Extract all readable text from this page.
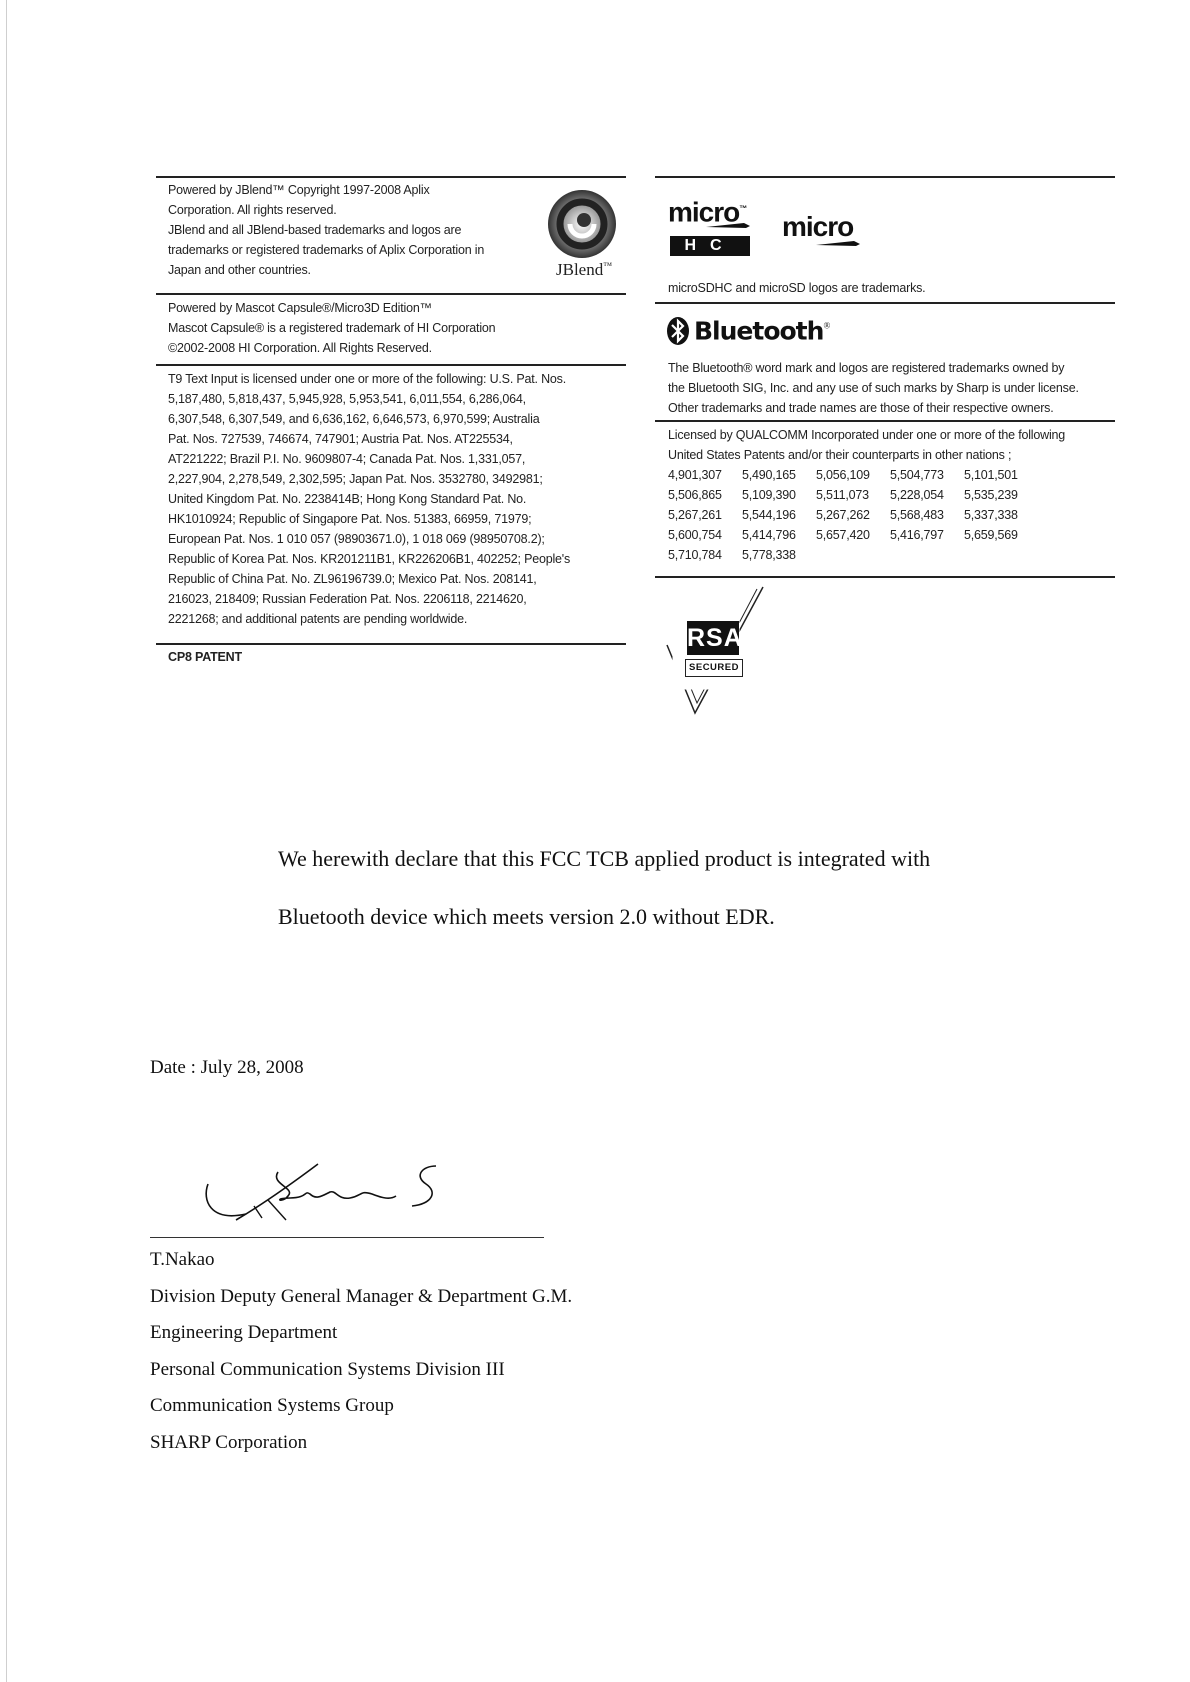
Powered by JBlend™ Copyright 1997-2008 Aplix
Corporation. All rights reserved.
JBlend and all JBlend-based trademarks and logos are
trademarks or registered trademarks of Aplix Corporation in
Japan and other countries.	JBlend™
Powered by Mascot Capsule®/Micro3D Edition™
Mascot Capsule® is a registered trademark of HI Corporation
©2002-2008 HI Corporation. All Rights Reserved.
T9 Text Input is licensed under one or more of the following: U.S. Pat. Nos.
5,187,480, 5,818,437, 5,945,928, 5,953,541, 6,011,554, 6,286,064,
6,307,548, 6,307,549, and 6,636,162, 6,646,573, 6,970,599; Australia
Pat. Nos. 727539, 746674, 747901; Austria Pat. Nos. AT225534,
AT221222; Brazil P.I. No. 9609807-4; Canada Pat. Nos. 1,331,057,
2,227,904, 2,278,549, 2,302,595; Japan Pat. Nos. 3532780, 3492981;
United Kingdom Pat. No. 2238414B; Hong Kong Standard Pat. No.
HK1010924; Republic of Singapore Pat. Nos. 51383, 66959, 71979;
European Pat. Nos. 1 010 057 (98903671.0), 1 018 069 (98950708.2);
Republic of Korea Pat. Nos. KR201211B1, KR226206B1, 402252; People's
Republic of China Pat. No. ZL96196739.0; Mexico Pat. Nos. 208141,
216023, 218409; Russian Federation Pat. Nos. 2206118, 2214620,
2221268; and additional patents are pending worldwide.
CP8 PATENT
micro™
HC
micro
microSDHC and microSD logos are trademarks.
Bluetooth®
The Bluetooth® word mark and logos are registered trademarks owned by
the Bluetooth SIG, Inc. and any use of such marks by Sharp is under license.
Other trademarks and trade names are those of their respective owners.
Licensed by QUALCOMM Incorporated under one or more of the following
United States Patents and/or their counterparts in other nations ;
4,901,307	5,490,165	5,056,109	5,504,773	5,101,501
5,506,865	5,109,390	5,511,073	5,228,054	5,535,239
5,267,261	5,544,196	5,267,262	5,568,483	5,337,338
5,600,754	5,414,796	5,657,420	5,416,797	5,659,569
5,710,784	5,778,338
RSA
SECURED
We herewith declare that this FCC TCB applied product is integrated with
Bluetooth device which meets version 2.0 without EDR.
Date : July 28, 2008
T.Nakao
Division Deputy General Manager & Department G.M.
Engineering Department
Personal Communication Systems Division III
Communication Systems Group
SHARP Corporation
